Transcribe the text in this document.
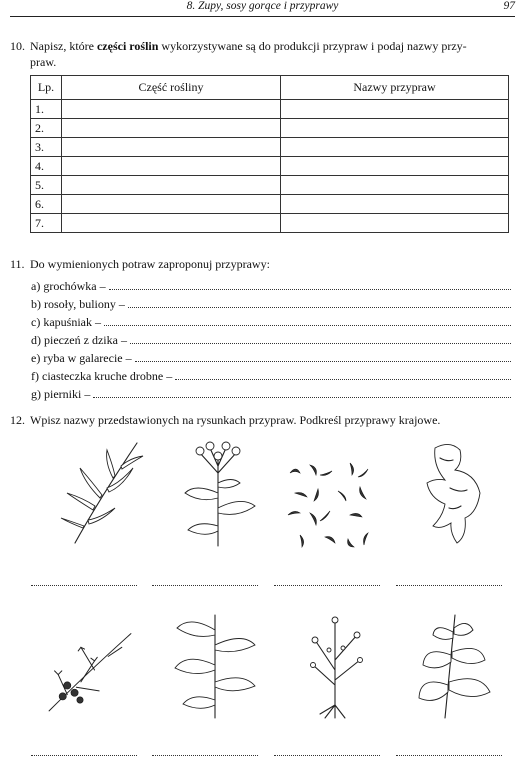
8. Zupy, sosy gorące i przyprawy	97
10. Napisz, które części roślin wykorzystywane są do produkcji przypraw i podaj nazwy przy-
praw.
Lp.	Część rośliny	Nazwy przypraw
1.		
2.		
3.		
4.		
5.		
6.		
7.		
11. Do wymienionych potraw zaproponuj przyprawy:
a) grochówka –
b) rosoły, buliony –
c) kapuśniak –
d) pieczeń z dzika –
e) ryba w galarecie –
f) ciasteczka kruche drobne –
g) pierniki –
12. Wpisz nazwy przedstawionych na rysunkach przypraw. Podkreśl przyprawy krajowe.
